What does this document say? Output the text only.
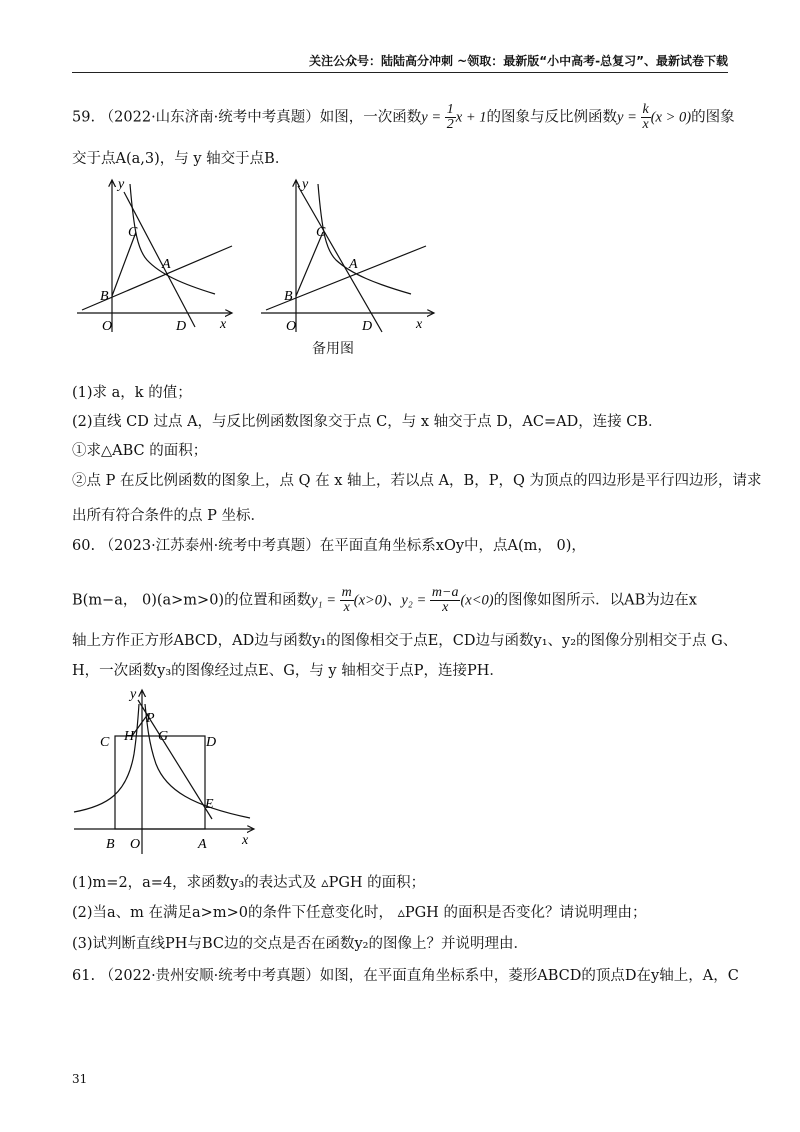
关注公众号：陆陆高分冲刺 ~领取：最新版“小中高考-总复习”、最新试卷下载
59. （2022·山东济南·统考中考真题）如图，一次函数$y = \frac{1}{2}$ x + 1的图象与反比例函数$y = \frac{k}{x} (x > 0)$的图象
交于点A(a,3)，与 y 轴交于点B．
C
A
B
O	D x
y
C
A
B
O	D	x
y
备用图
(1)求 a，k 的值；
(2)直线 CD 过点 A，与反比例函数图象交于点 C，与 x 轴交于点 D，AC=AD，连接 CB．
①求△ABC 的面积；
②点 P 在反比例函数的图象上，点 Q 在 x 轴上，若以点 A，B，P，Q 为顶点的四边形是平行四边形，请求
出所有符合条件的点 P 坐标．
60. （2023·江苏泰州·统考中考真题）在平面直角坐标系xOy中，点A(m， 0)，
B(m−a， 0)(a>m>0)的位置和函数$y_1 = \frac{m}{x} (x>0)$、$y_2 = \frac{m-a}{x} (x<0)$的图像如图所示．以AB为边在x
轴上方作正方形ABCD，AD边与函数y₁的图像相交于点E，CD边与函数y₁、y₂的图像分别相交于点 G、
H，一次函数y₃的图像经过点E、G，与 y 轴相交于点P，连接PH．
C H
P
G	D
E
B O	A	x
y
(1)m=2，a=4，求函数y₃的表达式及 ▵PGH 的面积；
(2)当a、m 在满足a>m>0的条件下任意变化时， ▵PGH 的面积是否变化？请说明理由；
(3)试判断直线PH与BC边的交点是否在函数y₂的图像上？并说明理由．
61. （2022·贵州安顺·统考中考真题）如图，在平面直角坐标系中，菱形ABCD的顶点D在y轴上，A，C
31
